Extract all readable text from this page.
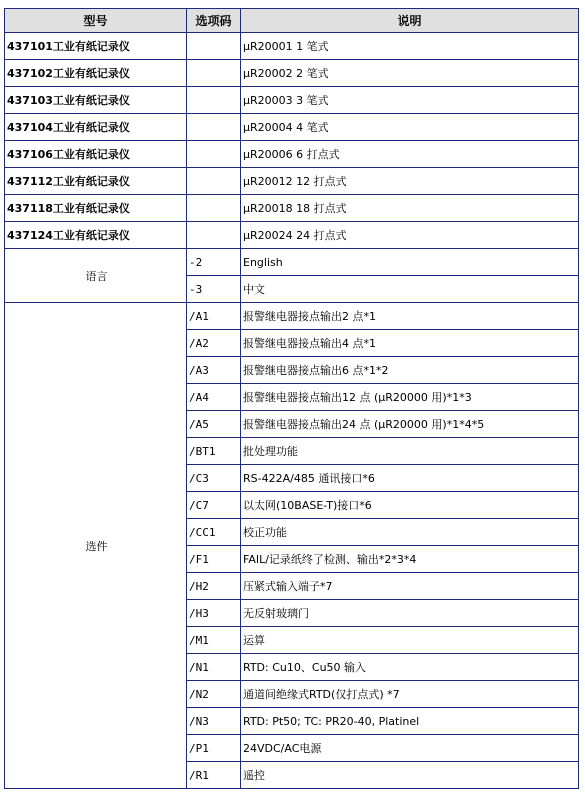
型号	选项码	说明
437101工业有纸记录仪		μR20001 1 笔式
437102工业有纸记录仪		μR20002 2 笔式
437103工业有纸记录仪		μR20003 3 笔式
437104工业有纸记录仪		μR20004 4 笔式
437106工业有纸记录仪		μR20006 6 打点式
437112工业有纸记录仪		μR20012 12 打点式
437118工业有纸记录仪		μR20018 18 打点式
437124工业有纸记录仪		μR20024 24 打点式
语言	-2	English
	-3	中文
选件	/A1	报警继电器接点输出2 点*1
	/A2	报警继电器接点输出4 点*1
	/A3	报警继电器接点输出6 点*1*2
	/A4	报警继电器接点输出12 点 (μR20000 用)*1*3
	/A5	报警继电器接点输出24 点 (μR20000 用)*1*4*5
	/BT1	批处理功能
	/C3	RS-422A/485 通讯接口*6
	/C7	以太网(10BASE-T)接口*6
	/CC1	校正功能
	/F1	FAIL/记录纸终了检测、输出*2*3*4
	/H2	压紧式输入端子*7
	/H3	无反射玻璃门
	/M1	运算
	/N1	RTD: Cu10、Cu50 输入
	/N2	通道间绝缘式RTD(仅打点式) *7
	/N3	RTD: Pt50; TC: PR20-40, Platinel
	/P1	24VDC/AC电源
	/R1	遥控
